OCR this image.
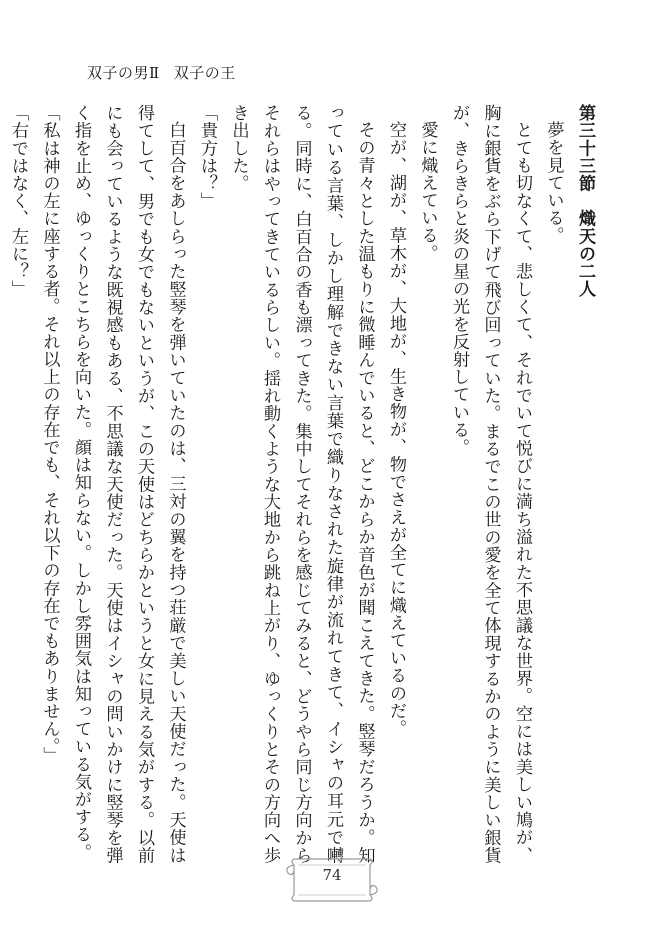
双子の男Ⅱ 双子の王

第三十三節　熾天の二人

夢を見ている。

とても切なくて、悲しくて、それでいて悦びに満ち溢れた不思議な世界。空には美しい鳩が、胸に銀貨をぶら下げて飛び回っていた。まるでこの世の愛を全て体現するかのように美しい銀貨が、きらきらと炎の星の光を反射している。

愛に熾えている。

空が、湖が、草木が、大地が、生き物が、物でさえが全てに熾えているのだ。

その青々とした温もりに微睡んでいると、どこからか音色が聞こえてきた。竪琴だろうか。知っている言葉、しかし理解できない言葉で織りなされた旋律が流れてきて、イシャの耳元で囀る。同時に、白百合の香も漂ってきた。集中してそれらを感じてみると、どうやら同じ方向からそれらはやってきているらしい。揺れ動くような大地から跳ね上がり、ゆっくりとその方向へ歩き出した。

「貴方は？」

白百合をあしらった竪琴を弾いていたのは、三対の翼を持つ荘厳で美しい天使だった。天使は得てして、男でも女でもないというが、この天使はどちらかというと女に見える気がする。以前にも会っているような既視感もある、不思議な天使だった。天使はイシャの問いかけに竪琴を弾く指を止め、ゆっくりとこちらを向いた。顔は知らない。しかし雰囲気は知っている気がする。

「私は神の左に座する者。それ以上の存在でも、それ以下の存在でもありません。」

「右ではなく、左に？」

74
